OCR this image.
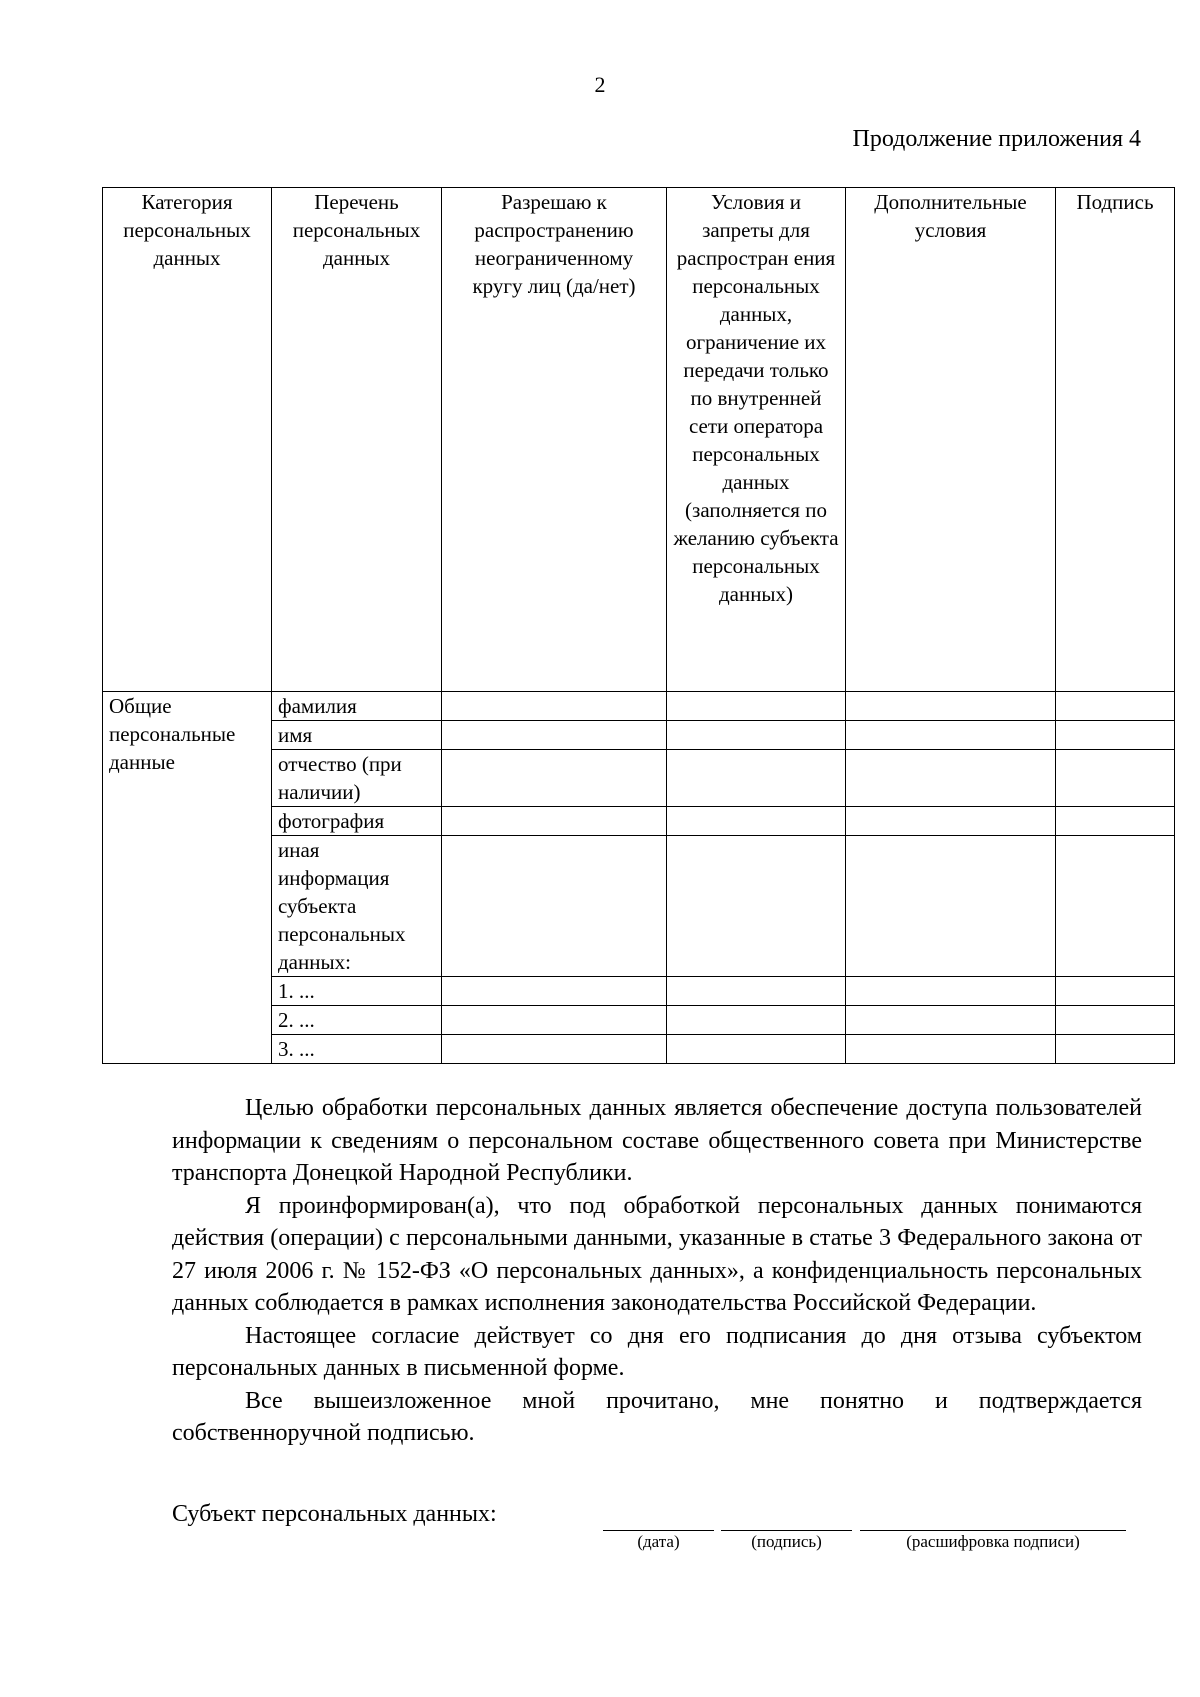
2
Продолжение приложения 4
Категория персональных данных	Перечень персональных данных	Разрешаю к распространению неограниченному кругу лиц (да/нет)	Условия и запреты для распростран ения персональных данных, ограничение их передачи только по внутренней сети оператора персональных данных (заполняется по желанию субъекта персональных данных)	Дополнительные условия	Подпись
Общие персональные данные	фамилия				
	имя				
	отчество (при наличии)				
	фотография				
	иная информация субъекта персональных данных:				
	1. ...				
	2. ...				
	3. ...				

Целью обработки персональных данных является обеспечение доступа пользователей информации к сведениям о персональном составе общественного совета при Министерстве транспорта Донецкой Народной Республики.

Я проинформирован(а), что под обработкой персональных данных понимаются действия (операции) с персональными данными, указанные в статье 3 Федерального закона от 27 июля 2006 г. № 152-ФЗ «О персональных данных», а конфиденциальность персональных данных соблюдается в рамках исполнения законодательства Российской Федерации.

Настоящее согласие действует со дня его подписания до дня отзыва субъектом персональных данных в письменной форме.

Все вышеизложенное мной прочитано, мне понятно и подтверждается собственноручной подписью.

Субъект персональных данных:
(дата)	(подпись)	(расшифровка подписи)
